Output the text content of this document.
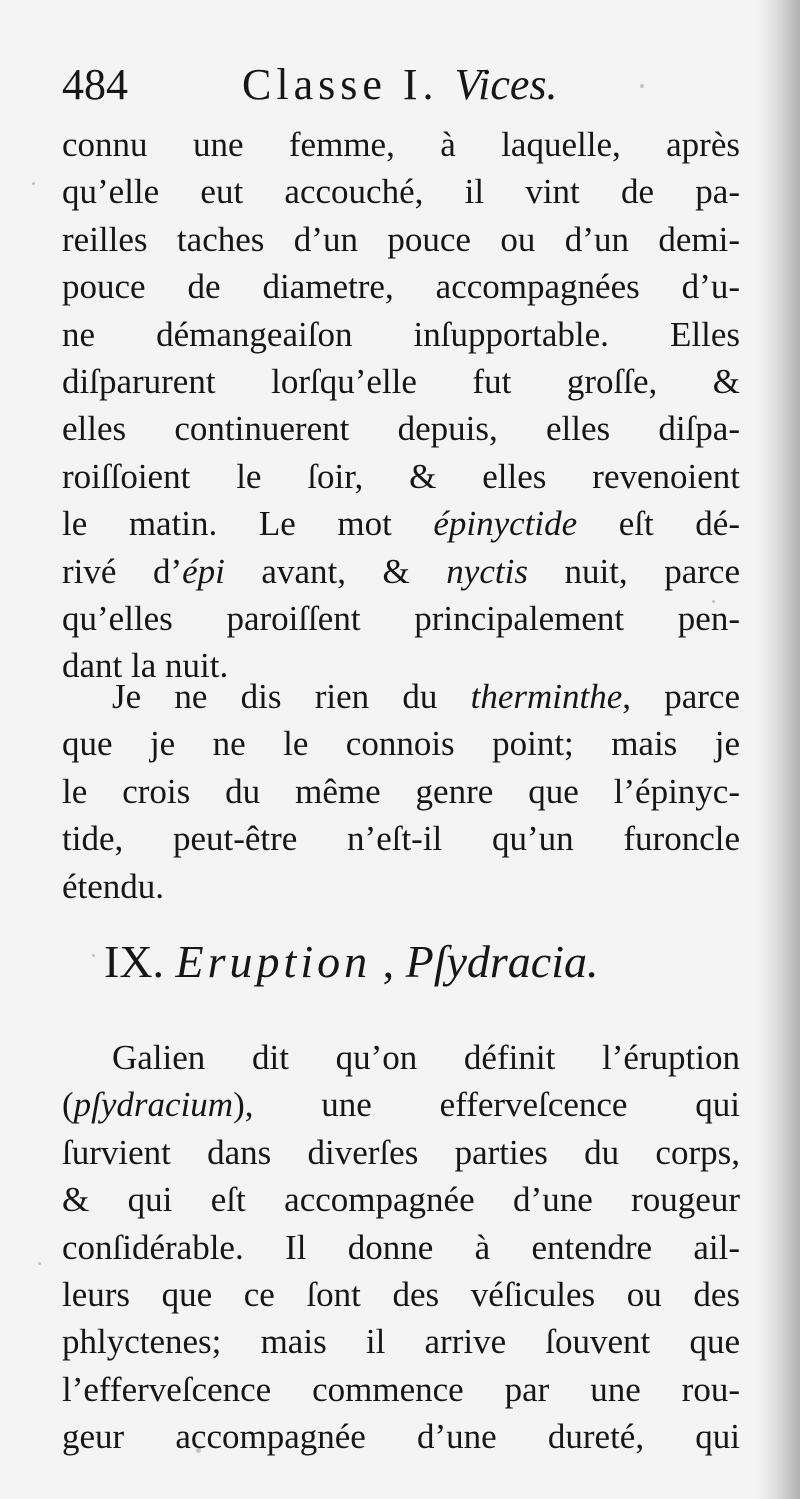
484	Classe I. Vices.
connu une femme, à laquelle, après
qu’elle eut accouché, il vint de pa-
reilles taches d’un pouce ou d’un demi-
pouce de diametre, accompagnées d’u-
ne démangeaiſon inſupportable. Elles
diſparurent lorſqu’elle fut groſſe, &
elles continuerent depuis, elles diſpa-
roiſſoient le ſoir, & elles revenoient
le matin. Le mot épinyctide eſt dé-
rivé d’épi avant, & nyctis nuit, parce
qu’elles paroiſſent principalement pen-
dant la nuit.
Je ne dis rien du therminthe, parce
que je ne le connois point; mais je
le crois du même genre que l’épinyc-
tide, peut-être n’eſt-il qu’un furoncle
étendu.
IX. Eruption , Pſydracia.
Galien dit qu’on définit l’éruption
(pſydracium), une efferveſcence qui
ſurvient dans diverſes parties du corps,
& qui eſt accompagnée d’une rougeur
conſidérable. Il donne à entendre ail-
leurs que ce ſont des véſicules ou des
phlyctenes; mais il arrive ſouvent que
l’efferveſcence commence par une rou-
geur accompagnée d’une dureté, qui
